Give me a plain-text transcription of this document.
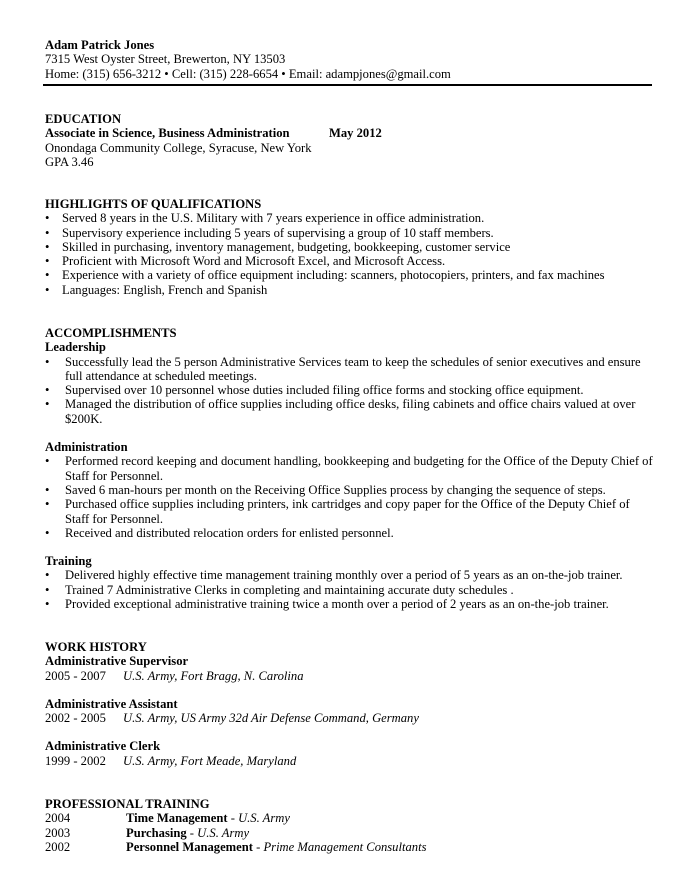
Adam Patrick Jones
7315 West Oyster Street, Brewerton, NY 13503
Home: (315) 656-3212 • Cell: (315) 228-6654 • Email: adampjones@gmail.com
EDUCATION
Associate in Science, Business Administration	May 2012
Onondaga Community College, Syracuse, New York
GPA 3.46
HIGHLIGHTS OF QUALIFICATIONS
• Served 8 years in the U.S. Military with 7 years experience in office administration.
• Supervisory experience including 5 years of supervising a group of 10 staff members.
• Skilled in purchasing, inventory management, budgeting, bookkeeping, customer service
• Proficient with Microsoft Word and Microsoft Excel, and Microsoft Access.
• Experience with a variety of office equipment including: scanners, photocopiers, printers, and fax machines
• Languages: English, French and Spanish
ACCOMPLISHMENTS
Leadership
• Successfully lead the 5 person Administrative Services team to keep the schedules of senior executives and ensure full attendance at scheduled meetings.
• Supervised over 10 personnel whose duties included filing office forms and stocking office equipment.
• Managed the distribution of office supplies including office desks, filing cabinets and office chairs valued at over $200K.
Administration
• Performed record keeping and document handling, bookkeeping and budgeting for the Office of the Deputy Chief of Staff for Personnel.
• Saved 6 man-hours per month on the Receiving Office Supplies process by changing the sequence of steps.
• Purchased office supplies including printers, ink cartridges and copy paper for the Office of the Deputy Chief of Staff for Personnel.
• Received and distributed relocation orders for enlisted personnel.
Training
• Delivered highly effective time management training monthly over a period of 5 years as an on-the-job trainer.
• Trained 7 Administrative Clerks in completing and maintaining accurate duty schedules .
• Provided exceptional administrative training twice a month over a period of 2 years as an on-the-job trainer.
WORK HISTORY
Administrative Supervisor
2005 - 2007 U.S. Army, Fort Bragg, N. Carolina
Administrative Assistant
2002 - 2005 U.S. Army, US Army 32d Air Defense Command, Germany
Administrative Clerk
1999 - 2002 U.S. Army, Fort Meade, Maryland
PROFESSIONAL TRAINING
2004	Time Management - U.S. Army
2003	Purchasing - U.S. Army
2002	Personnel Management - Prime Management Consultants
